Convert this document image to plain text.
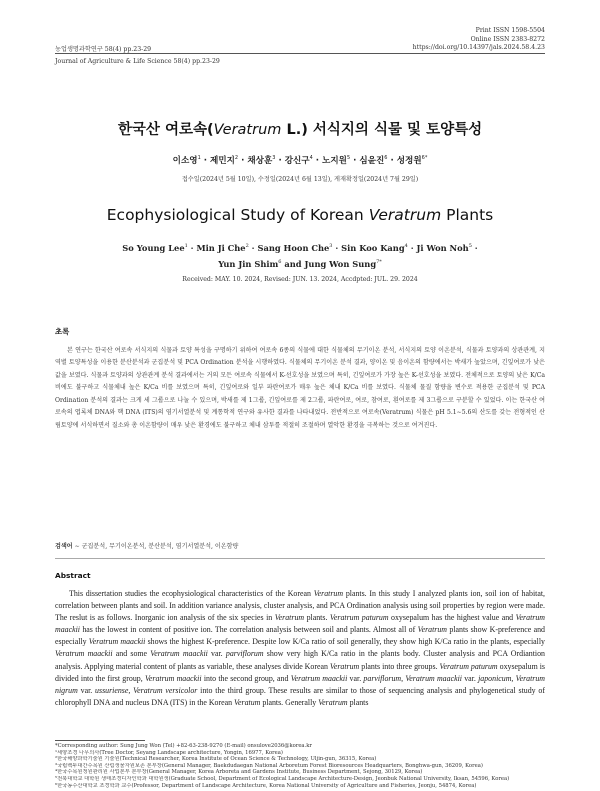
Print ISSN 1598-5504
Online ISSN 2383-8272
https://doi.org/10.14397/jals.2024.58.4.23
농업생명과학연구 58(4) pp.23-29
Journal of Agriculture & Life Science 58(4) pp.23-29
한국산 여로속(Veratrum L.) 서식지의 식물 및 토양특성
이소영$^1$ · 제민지$^2$ · 채상훈$^3$ · 강신구$^4$ · 노지원$^5$ · 심윤진$^6$ · 성정원$^{6*}$
접수일(2024년 5월 10일), 수정일(2024년 6월 13일), 게재확정일(2024년 7월 29일)
Ecophysiological Study of Korean Veratrum Plants
So Young Lee$^1$ · Min Ji Che$^2$ · Sang Hoon Che$^3$ · Sin Koo Kang$^4$ · Ji Won Noh$^5$ ·
Yun Jin Shim$^6$ and Jung Won Sung$^{7*}$
Received: MAY. 10. 2024, Revised: JUN. 13. 2024, Accdpted: JUL. 29. 2024
초록
본 연구는 한국산 여로속 서식지의 식물과 토양 특성을 구명하기 위하여 여로속 6종의 식물에 대한 식물체의 무기이온 분석, 서식지의 토양 이온분석, 식물과 토양과의 상관관계, 지역별 토양특성을 이용한 분산분석과 군집분석 및 PCA Ordination 분석을 시행하였다. 식물체의 무기이온 분석 결과, 양이온 및 음이온의 함량에서는 박새가 높았으며, 긴잎여로가 낮은 값을 보였다. 식물과 토양과의 상관관계 분석 결과에서는 거의 모든 여로속 식물에서 K-선호성을 보였으며 특히, 긴잎여로가 가장 높은 K-선호성을 보였다. 전체적으로 토양의 낮은 K/Ca 비에도 불구하고 식물체내 높은 K/Ca 비를 보였으며 특히, 긴잎여로와 일부 파란여로가 매우 높은 체내 K/Ca 비를 보였다. 식물체 물질 함량을 변수로 적용한 군집분석 및 PCA Ordination 분석의 결과는 크게 세 그룹으로 나눌 수 있으며, 박새를 제 1그룹, 긴잎여로를 제 2그룹, 파란여로, 여로, 참여로, 흰여로를 제 3그룹으로 구분할 수 있었다. 이는 한국산 여로속의 엽록체 DNA와 핵 DNA (ITS)의 염기서열분석 및 계통학적 연구와 유사한 결과를 나타내었다. 전반적으로 여로속(Veratrum) 식물은 pH 5.1∼5.6의 산도를 갖는 전형적인 산림토양에 서식하면서 질소와 총 이온함량이 매우 낮은 환경에도 불구하고 체내 삼투를 적절히 조절하며 열악한 환경을 극복하는 것으로 여겨진다.
검색어 ∼ 군집분석, 무기이온분석, 분산분석, 염기서열분석, 이온함량

This dissertation studies the ecophysiological characteristics of the Korean Veratrum plants. In this study I analyzed plants ion, soil ion of habitat, correlation between plants and soil. In addition variance analysis, cluster analysis, and PCA Ordination analysis using soil properties by region were made. The reslut is as follows. Inorganic ion analysis of the six species in Veratrum plants. Veratrum paturum oxysepalum has the highest value and Veratrum maackii has the lowest in content of positive ion. The correlation analysis between soil and plants. Almost all of Veratrum plants show K-preference and especially Veratrum maackii shows the highest K-preference. Despite low K/Ca ratio of soil generally, they show high K/Ca ratio in the plants, especially Veratrum maackii and some Veratrum maackii var. parviflorum show very high K/Ca ratio in the plants body. Cluster analysis and PCA Ordiantion analysis. Applying material content of plants as variable, these analyses divide Korean Veratrum plants into three groups. Veratrum paturum oxysepalum is divided into the first group, Veratrum maackii into the second group, and Veratrum maackii var. parviflorum, Veratrum maackii var. japonicum, Veratrum nigrum var. ussuriense, Veratrum versicolor into the third group. These results are similar to those of sequencing analysis and phylogenetical study of chlorophyll DNA and nucleus DNA (ITS) in the Korean Veratum plants. Generally Veratrum plants

Abstract
*Corresponding author: Sung Jung Won (Tel) +82-63-238-9270 (E-mail) onsulove2036@korea.kr
¹세양조경 나무의사(Tree Doctor, Seyang Landscape architecture, Yongin, 16977, Korea)
²한국해양과학기술원 기술원(Technical Researcher, Korea Institute of Ocean Science & Technology, Uljin-gun, 36315, Korea)
³국립백두대간수목원 산림생물자원보존 본부장(General Manager, Baekdudaegan National Arboretum Forest Bioresources Headquarters, Bonghwa-gun, 36209, Korea)
⁴한국수목원정원관리원 사업본부 본부장(General Manager, Korea Arboreta and Gardens Institute, Business Department, Sejong, 30129, Korea)
⁵전북대학교 대학원 생태조경디자인학과 대학원생(Graduate School, Department of Ecological Landscape Architecture-Design, Jeonbuk National University, Iksan, 54596, Korea)
⁶한국농수산대학교 조경학과 교수(Professor, Department of Landscape Architecture, Korea National University of Agriculture and Fisheries, Jeonju, 54874, Korea)
